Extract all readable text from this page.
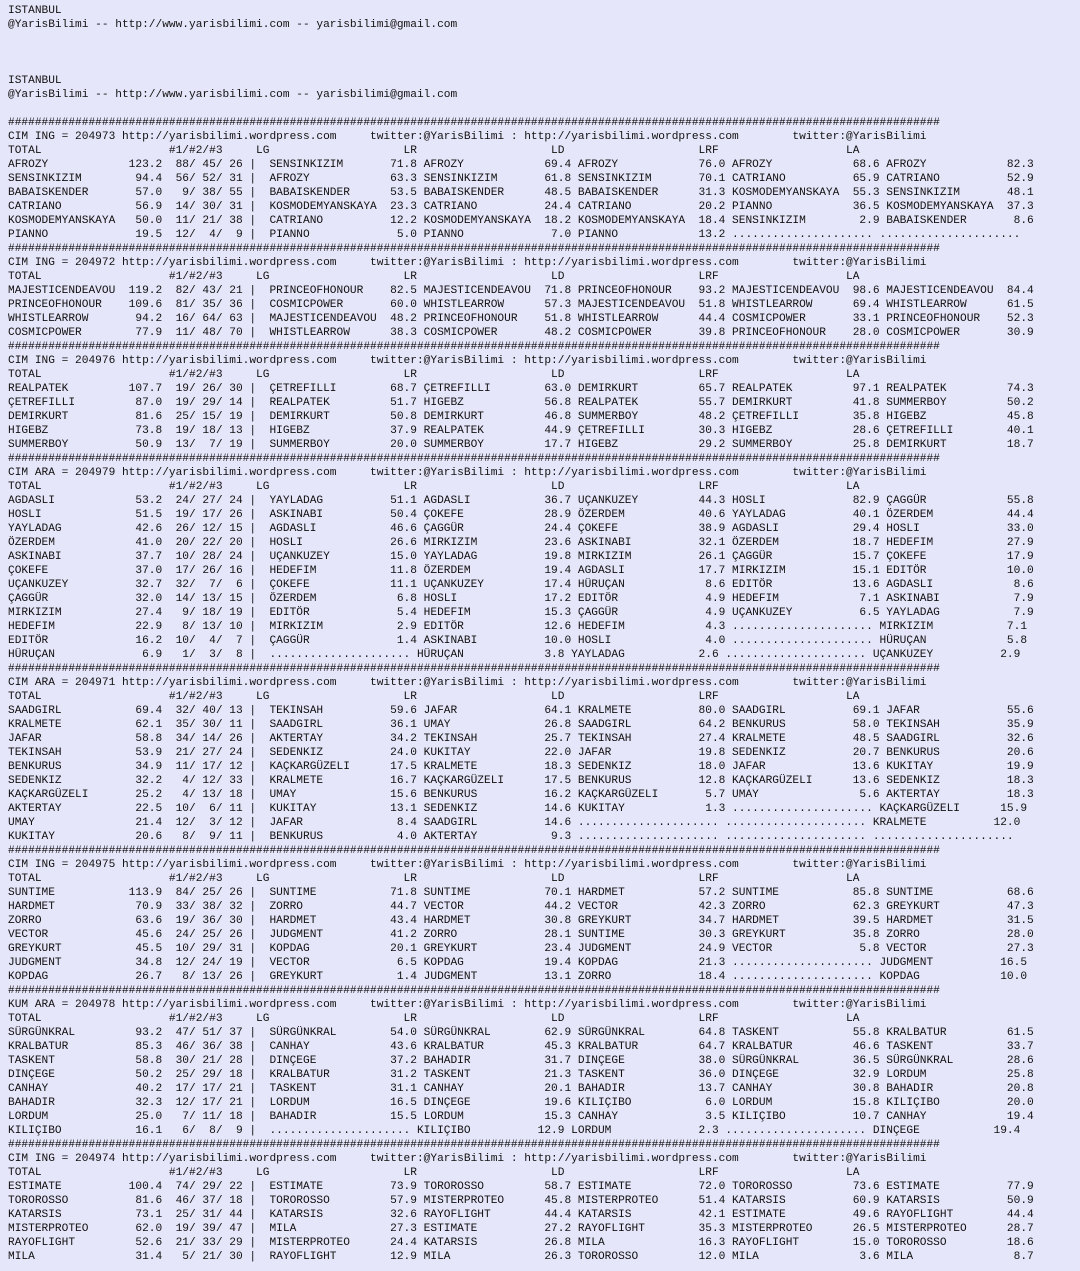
ISTANBUL
@YarisBilimi -- http://www.yarisbilimi.com -- yarisbilimi@gmail.com
ISTANBUL
@YarisBilimi -- http://www.yarisbilimi.com -- yarisbilimi@gmail.com
###########################################################################################################################################
CIM ING = 204973 http://yarisbilimi.wordpress.com     twitter:@YarisBilimi : http://yarisbilimi.wordpress.com        twitter:@YarisBilimi
TOTAL                   #1/#2/#3     LG                    LR                    LD                    LRF                   LA
AFROZY            123.2  88/ 45/ 26 |  SENSINKIZIM       71.8 AFROZY            69.4 AFROZY            76.0 AFROZY            68.6 AFROZY            82.3
SENSINKIZIM        94.4  56/ 52/ 31 |  AFROZY            63.3 SENSINKIZIM       61.8 SENSINKIZIM       70.1 CATRIANO          65.9 CATRIANO          52.9
BABAISKENDER       57.0   9/ 38/ 55 |  BABAISKENDER      53.5 BABAISKENDER      48.5 BABAISKENDER      31.3 KOSMODEMYANSKAYA  55.3 SENSINKIZIM       48.1
CATRIANO           56.9  14/ 30/ 31 |  KOSMODEMYANSKAYA  23.3 CATRIANO          24.4 CATRIANO          20.2 PIANNO            36.5 KOSMODEMYANSKAYA  37.3
KOSMODEMYANSKAYA   50.0  11/ 21/ 38 |  CATRIANO          12.2 KOSMODEMYANSKAYA  18.2 KOSMODEMYANSKAYA  18.4 SENSINKIZIM        2.9 BABAISKENDER       8.6
PIANNO             19.5  12/  4/  9 |  PIANNO             5.0 PIANNO             7.0 PIANNO            13.2 ..................... .....................
###########################################################################################################################################
CIM ING = 204972 http://yarisbilimi.wordpress.com     twitter:@YarisBilimi : http://yarisbilimi.wordpress.com        twitter:@YarisBilimi
TOTAL                   #1/#2/#3     LG                    LR                    LD                    LRF                   LA
MAJESTICENDEAVOU  119.2  82/ 43/ 21 |  PRINCEOFHONOUR    82.5 MAJESTICENDEAVOU  71.8 PRINCEOFHONOUR    93.2 MAJESTICENDEAVOU  98.6 MAJESTICENDEAVOU  84.4
PRINCEOFHONOUR    109.6  81/ 35/ 36 |  COSMICPOWER       60.0 WHISTLEARROW      57.3 MAJESTICENDEAVOU  51.8 WHISTLEARROW      69.4 WHISTLEARROW      61.5
WHISTLEARROW       94.2  16/ 64/ 63 |  MAJESTICENDEAVOU  48.2 PRINCEOFHONOUR    51.8 WHISTLEARROW      44.4 COSMICPOWER       33.1 PRINCEOFHONOUR    52.3
COSMICPOWER        77.9  11/ 48/ 70 |  WHISTLEARROW      38.3 COSMICPOWER       48.2 COSMICPOWER       39.8 PRINCEOFHONOUR    28.0 COSMICPOWER       30.9
###########################################################################################################################################
CIM ING = 204976 http://yarisbilimi.wordpress.com     twitter:@YarisBilimi : http://yarisbilimi.wordpress.com        twitter:@YarisBilimi
TOTAL                   #1/#2/#3     LG                    LR                    LD                    LRF                   LA
REALPATEK         107.7  19/ 26/ 30 |  ÇETREFILLI        68.7 ÇETREFILLI        63.0 DEMIRKURT         65.7 REALPATEK         97.1 REALPATEK         74.3
ÇETREFILLI         87.0  19/ 29/ 14 |  REALPATEK         51.7 HIGEBZ            56.8 REALPATEK         55.7 DEMIRKURT         41.8 SUMMERBOY         50.2
DEMIRKURT          81.6  25/ 15/ 19 |  DEMIRKURT         50.8 DEMIRKURT         46.8 SUMMERBOY         48.2 ÇETREFILLI        35.8 HIGEBZ            45.8
HIGEBZ             73.8  19/ 18/ 13 |  HIGEBZ            37.9 REALPATEK         44.9 ÇETREFILLI        30.3 HIGEBZ            28.6 ÇETREFILLI        40.1
SUMMERBOY          50.9  13/  7/ 19 |  SUMMERBOY         20.0 SUMMERBOY         17.7 HIGEBZ            29.2 SUMMERBOY         25.8 DEMIRKURT         18.7
###########################################################################################################################################
CIM ARA = 204979 http://yarisbilimi.wordpress.com     twitter:@YarisBilimi : http://yarisbilimi.wordpress.com        twitter:@YarisBilimi
TOTAL                   #1/#2/#3     LG                    LR                    LD                    LRF                   LA
AGDASLI            53.2  24/ 27/ 24 |  YAYLADAG          51.1 AGDASLI           36.7 UÇANKUZEY         44.3 HOSLI             82.9 ÇAGGÜR            55.8
HOSLI              51.5  19/ 17/ 26 |  ASKINABI          50.4 ÇOKEFE            28.9 ÖZERDEM           40.6 YAYLADAG          40.1 ÖZERDEM           44.4
YAYLADAG           42.6  26/ 12/ 15 |  AGDASLI           46.6 ÇAGGÜR            24.4 ÇOKEFE            38.9 AGDASLI           29.4 HOSLI             33.0
ÖZERDEM            41.0  20/ 22/ 20 |  HOSLI             26.6 MIRKIZIM          23.6 ASKINABI          32.1 ÖZERDEM           18.7 HEDEFIM           27.9
ASKINABI           37.7  10/ 28/ 24 |  UÇANKUZEY         15.0 YAYLADAG          19.8 MIRKIZIM          26.1 ÇAGGÜR            15.7 ÇOKEFE            17.9
ÇOKEFE             37.0  17/ 26/ 16 |  HEDEFIM           11.8 ÖZERDEM           19.4 AGDASLI           17.7 MIRKIZIM          15.1 EDITÖR            10.0
UÇANKUZEY          32.7  32/  7/  6 |  ÇOKEFE            11.1 UÇANKUZEY         17.4 HÜRUÇAN            8.6 EDITÖR            13.6 AGDASLI            8.6
ÇAGGÜR             32.0  14/ 13/ 15 |  ÖZERDEM            6.8 HOSLI             17.2 EDITÖR             4.9 HEDEFIM            7.1 ASKINABI           7.9
MIRKIZIM           27.4   9/ 18/ 19 |  EDITÖR             5.4 HEDEFIM           15.3 ÇAGGÜR             4.9 UÇANKUZEY          6.5 YAYLADAG           7.9
HEDEFIM            22.9   8/ 13/ 10 |  MIRKIZIM           2.9 EDITÖR            12.6 HEDEFIM            4.3 ..................... MIRKIZIM           7.1
EDITÖR             16.2  10/  4/  7 |  ÇAGGÜR             1.4 ASKINABI          10.0 HOSLI              4.0 ..................... HÜRUÇAN            5.8
HÜRUÇAN             6.9   1/  3/  8 |  ..................... HÜRUÇAN            3.8 YAYLADAG           2.6 ..................... UÇANKUZEY          2.9
###########################################################################################################################################
CIM ARA = 204971 http://yarisbilimi.wordpress.com     twitter:@YarisBilimi : http://yarisbilimi.wordpress.com        twitter:@YarisBilimi
TOTAL                   #1/#2/#3     LG                    LR                    LD                    LRF                   LA
SAADGIRL           69.4  32/ 40/ 13 |  TEKINSAH          59.6 JAFAR             64.1 KRALMETE          80.0 SAADGIRL          69.1 JAFAR             55.6
KRALMETE           62.1  35/ 30/ 11 |  SAADGIRL          36.1 UMAY              26.8 SAADGIRL          64.2 BENKURUS          58.0 TEKINSAH          35.9
JAFAR              58.8  34/ 14/ 26 |  AKTERTAY          34.2 TEKINSAH          25.7 TEKINSAH          27.4 KRALMETE          48.5 SAADGIRL          32.6
TEKINSAH           53.9  21/ 27/ 24 |  SEDENKIZ          24.0 KUKITAY           22.0 JAFAR             19.8 SEDENKIZ          20.7 BENKURUS          20.6
BENKURUS           34.9  11/ 17/ 12 |  KAÇKARGÜZELI      17.5 KRALMETE          18.3 SEDENKIZ          18.0 JAFAR             13.6 KUKITAY           19.9
SEDENKIZ           32.2   4/ 12/ 33 |  KRALMETE          16.7 KAÇKARGÜZELI      17.5 BENKURUS          12.8 KAÇKARGÜZELI      13.6 SEDENKIZ          18.3
KAÇKARGÜZELI       25.2   4/ 13/ 18 |  UMAY              15.6 BENKURUS          16.2 KAÇKARGÜZELI       5.7 UMAY               5.6 AKTERTAY          18.3
AKTERTAY           22.5  10/  6/ 11 |  KUKITAY           13.1 SEDENKIZ          14.6 KUKITAY            1.3 ..................... KAÇKARGÜZELI      15.9
UMAY               21.4  12/  3/ 12 |  JAFAR              8.4 SAADGIRL          14.6 ..................... ..................... KRALMETE          12.0
KUKITAY            20.6   8/  9/ 11 |  BENKURUS           4.0 AKTERTAY           9.3 ..................... ..................... .....................
###########################################################################################################################################
CIM ING = 204975 http://yarisbilimi.wordpress.com     twitter:@YarisBilimi : http://yarisbilimi.wordpress.com        twitter:@YarisBilimi
TOTAL                   #1/#2/#3     LG                    LR                    LD                    LRF                   LA
SUNTIME           113.9  84/ 25/ 26 |  SUNTIME           71.8 SUNTIME           70.1 HARDMET           57.2 SUNTIME           85.8 SUNTIME           68.6
HARDMET            70.9  33/ 38/ 32 |  ZORRO             44.7 VECTOR            44.2 VECTOR            42.3 ZORRO             62.3 GREYKURT          47.3
ZORRO              63.6  19/ 36/ 30 |  HARDMET           43.4 HARDMET           30.8 GREYKURT          34.7 HARDMET           39.5 HARDMET           31.5
VECTOR             45.6  24/ 25/ 26 |  JUDGMENT          41.2 ZORRO             28.1 SUNTIME           30.3 GREYKURT          35.8 ZORRO             28.0
GREYKURT           45.5  10/ 29/ 31 |  KOPDAG            20.1 GREYKURT          23.4 JUDGMENT          24.9 VECTOR             5.8 VECTOR            27.3
JUDGMENT           34.8  12/ 24/ 19 |  VECTOR             6.5 KOPDAG            19.4 KOPDAG            21.3 ..................... JUDGMENT          16.5
KOPDAG             26.7   8/ 13/ 26 |  GREYKURT           1.4 JUDGMENT          13.1 ZORRO             18.4 ..................... KOPDAG            10.0
###########################################################################################################################################
KUM ARA = 204978 http://yarisbilimi.wordpress.com     twitter:@YarisBilimi : http://yarisbilimi.wordpress.com        twitter:@YarisBilimi
TOTAL                   #1/#2/#3     LG                    LR                    LD                    LRF                   LA
SÜRGÜNKRAL         93.2  47/ 51/ 37 |  SÜRGÜNKRAL        54.0 SÜRGÜNKRAL        62.9 SÜRGÜNKRAL        64.8 TASKENT           55.8 KRALBATUR         61.5
KRALBATUR          85.3  46/ 36/ 38 |  CANHAY            43.6 KRALBATUR         45.3 KRALBATUR         64.7 KRALBATUR         46.6 TASKENT           33.7
TASKENT            58.8  30/ 21/ 28 |  DINÇEGE           37.2 BAHADIR           31.7 DINÇEGE           38.0 SÜRGÜNKRAL        36.5 SÜRGÜNKRAL        28.6
DINÇEGE            50.2  25/ 29/ 18 |  KRALBATUR         31.2 TASKENT           21.3 TASKENT           36.0 DINÇEGE           32.9 LORDUM            25.8
CANHAY             40.2  17/ 17/ 21 |  TASKENT           31.1 CANHAY            20.1 BAHADIR           13.7 CANHAY            30.8 BAHADIR           20.8
BAHADIR            32.3  12/ 17/ 21 |  LORDUM            16.5 DINÇEGE           19.6 KILIÇIBO           6.0 LORDUM            15.8 KILIÇIBO          20.0
LORDUM             25.0   7/ 11/ 18 |  BAHADIR           15.5 LORDUM            15.3 CANHAY             3.5 KILIÇIBO          10.7 CANHAY            19.4
KILIÇIBO           16.1   6/  8/  9 |  ..................... KILIÇIBO          12.9 LORDUM             2.3 ..................... DINÇEGE           19.4
###########################################################################################################################################
CIM ING = 204974 http://yarisbilimi.wordpress.com     twitter:@YarisBilimi : http://yarisbilimi.wordpress.com        twitter:@YarisBilimi
TOTAL                   #1/#2/#3     LG                    LR                    LD                    LRF                   LA
ESTIMATE          100.4  74/ 29/ 22 |  ESTIMATE          73.9 TOROROSSO         58.7 ESTIMATE          72.0 TOROROSSO         73.6 ESTIMATE          77.9
TOROROSSO          81.6  46/ 37/ 18 |  TOROROSSO         57.9 MISTERPROTEO      45.8 MISTERPROTEO      51.4 KATARSIS          60.9 KATARSIS          50.9
KATARSIS           73.1  25/ 31/ 44 |  KATARSIS          32.6 RAYOFLIGHT        44.4 KATARSIS          42.1 ESTIMATE          49.6 RAYOFLIGHT        44.4
MISTERPROTEO       62.0  19/ 39/ 47 |  MILA              27.3 ESTIMATE          27.2 RAYOFLIGHT        35.3 MISTERPROTEO      26.5 MISTERPROTEO      28.7
RAYOFLIGHT         52.6  21/ 33/ 29 |  MISTERPROTEO      24.4 KATARSIS          26.8 MILA              16.3 RAYOFLIGHT        15.0 TOROROSSO         18.6
MILA               31.4   5/ 21/ 30 |  RAYOFLIGHT        12.9 MILA              26.3 TOROROSSO         12.0 MILA               3.6 MILA               8.7
